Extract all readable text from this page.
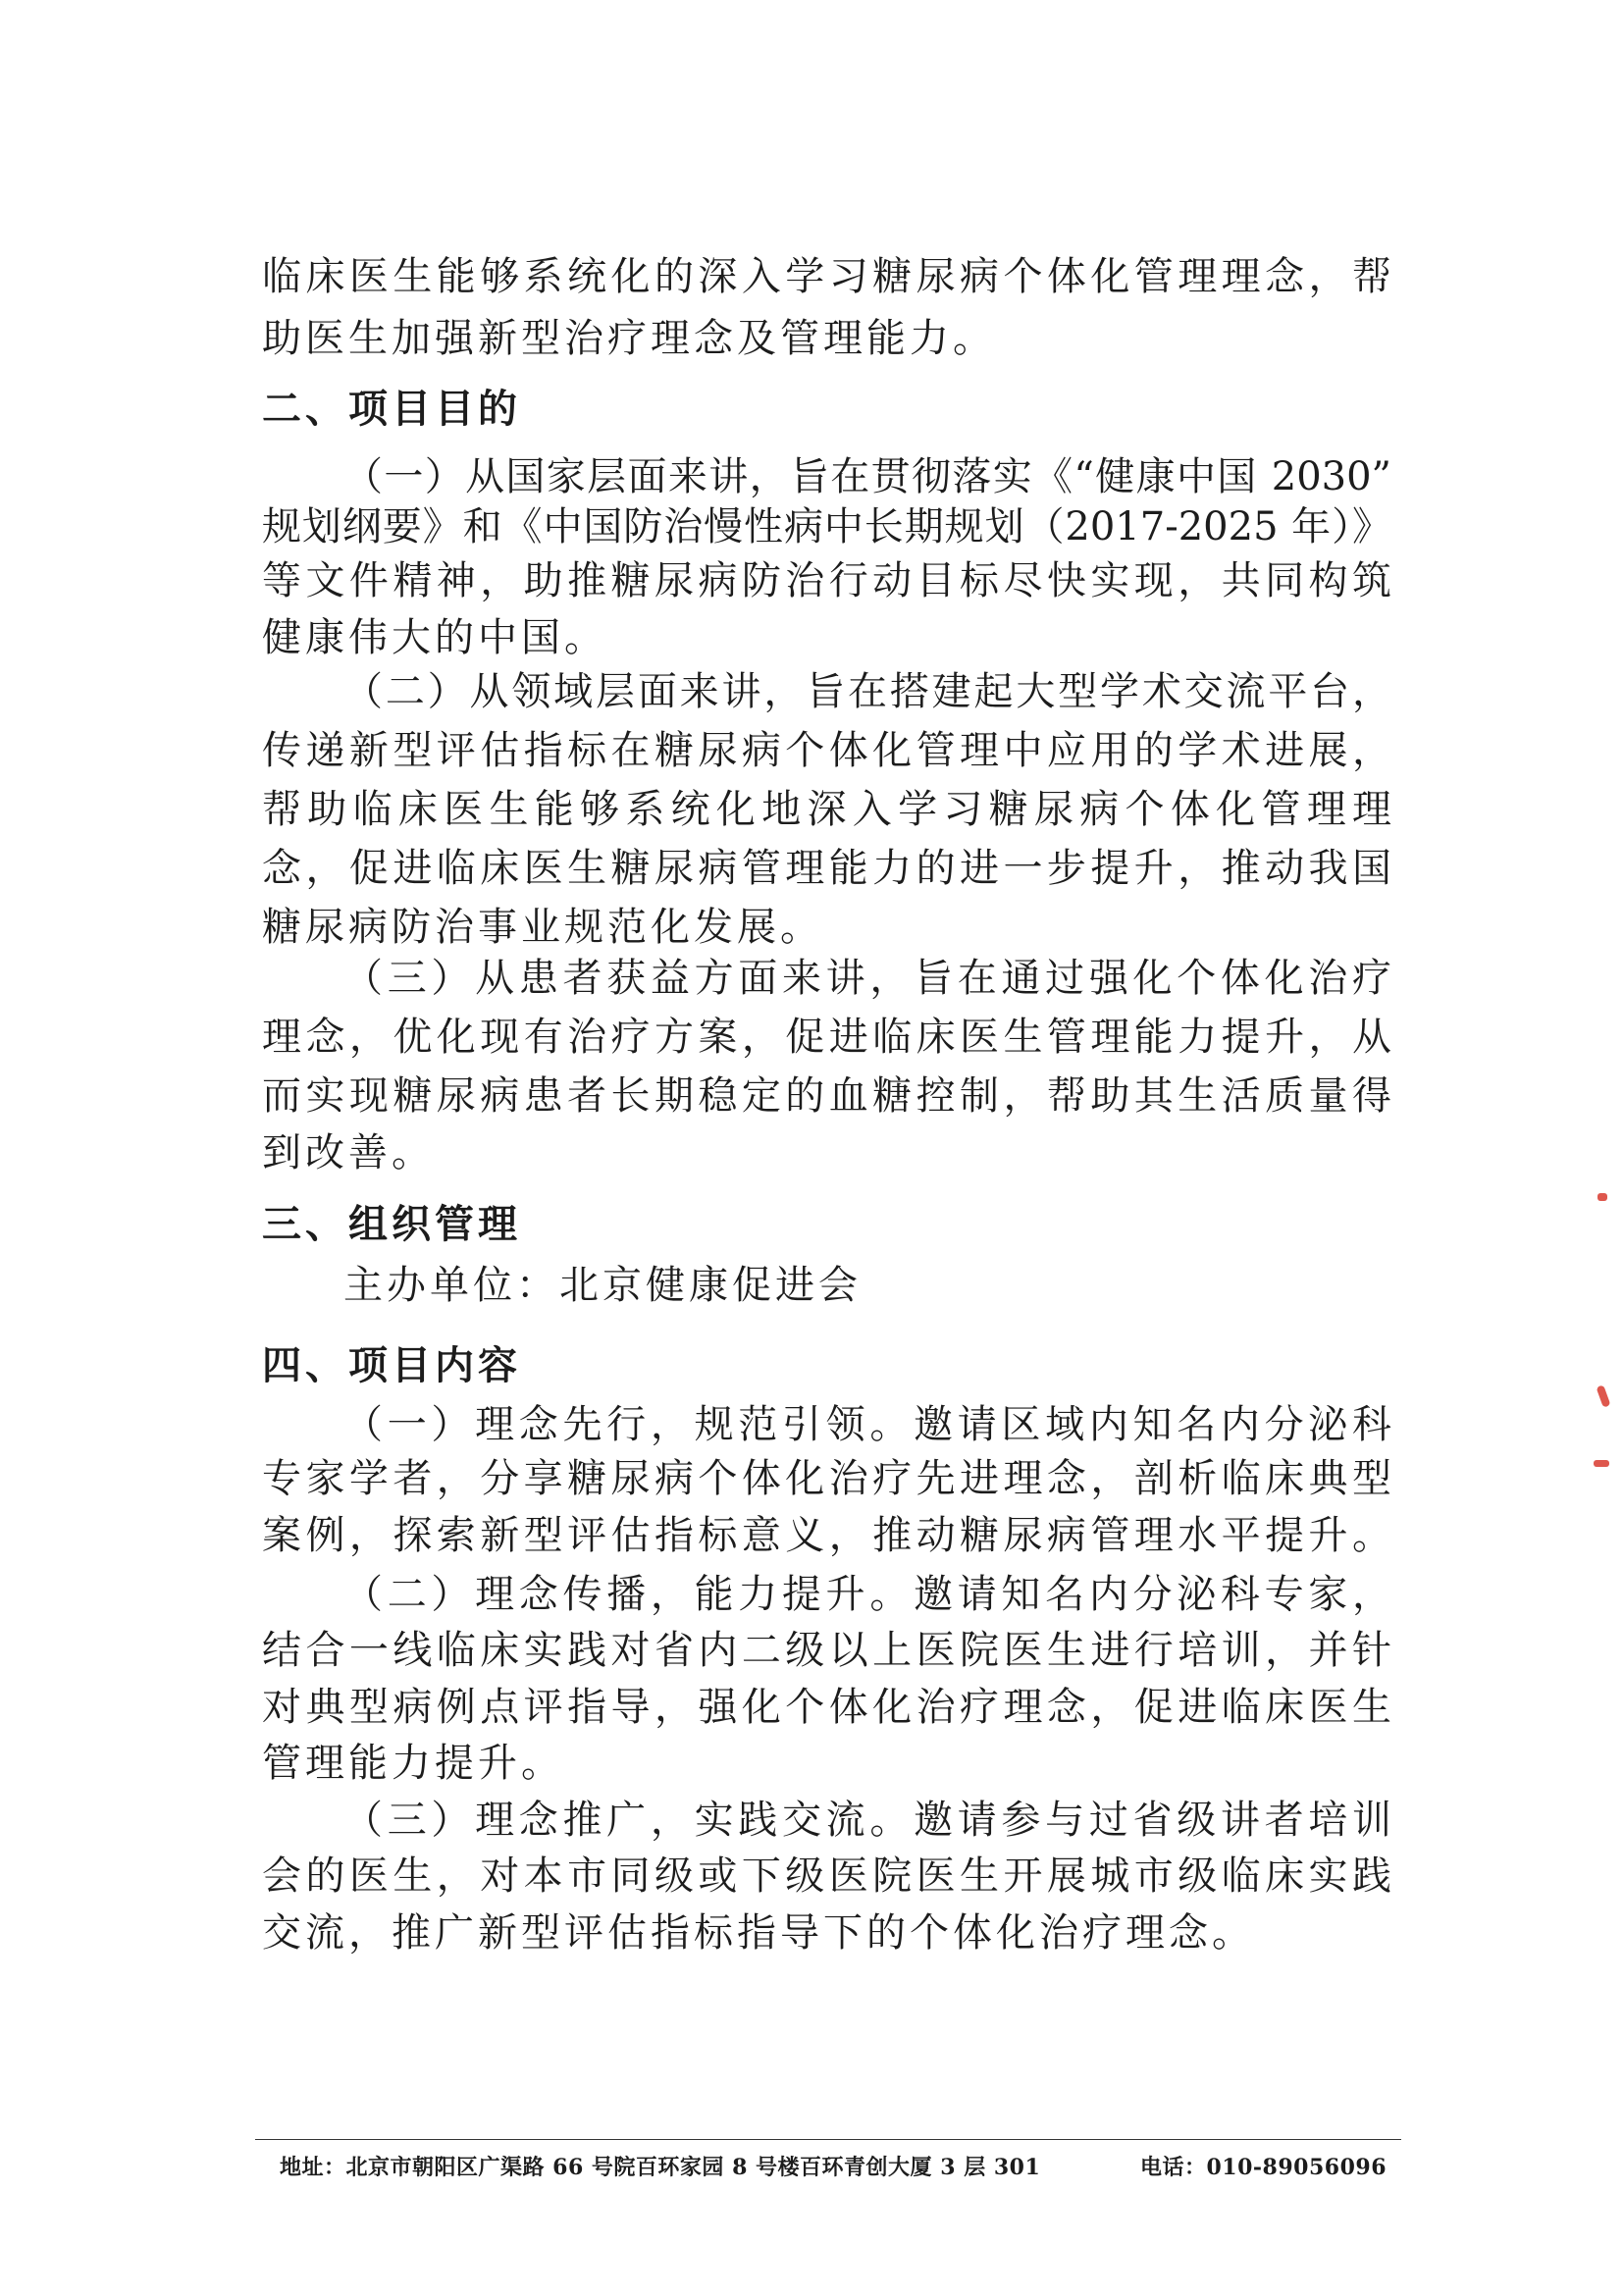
临床医生能够系统化的深入学习糖尿病个体化管理理念，帮
助医生加强新型治疗理念及管理能力。
二、项目目的
（一）从国家层面来讲，旨在贯彻落实《“健康中国 2030”
规划纲要》和《中国防治慢性病中长期规划（2017-2025 年）》
等文件精神，助推糖尿病防治行动目标尽快实现，共同构筑
健康伟大的中国。
（二）从领域层面来讲，旨在搭建起大型学术交流平台，
传递新型评估指标在糖尿病个体化管理中应用的学术进展，
帮助临床医生能够系统化地深入学习糖尿病个体化管理理
念，促进临床医生糖尿病管理能力的进一步提升，推动我国
糖尿病防治事业规范化发展。
（三）从患者获益方面来讲，旨在通过强化个体化治疗
理念，优化现有治疗方案，促进临床医生管理能力提升，从
而实现糖尿病患者长期稳定的血糖控制，帮助其生活质量得
到改善。
三、组织管理
主办单位：北京健康促进会
四、项目内容
（一）理念先行，规范引领。邀请区域内知名内分泌科
专家学者，分享糖尿病个体化治疗先进理念，剖析临床典型
案例，探索新型评估指标意义，推动糖尿病管理水平提升。
（二）理念传播，能力提升。邀请知名内分泌科专家，
结合一线临床实践对省内二级以上医院医生进行培训，并针
对典型病例点评指导，强化个体化治疗理念，促进临床医生
管理能力提升。
（三）理念推广，实践交流。邀请参与过省级讲者培训
会的医生，对本市同级或下级医院医生开展城市级临床实践
交流，推广新型评估指标指导下的个体化治疗理念。
地址：北京市朝阳区广渠路 66 号院百环家园 8 号楼百环青创大厦 3 层 301	电话：010-89056096
